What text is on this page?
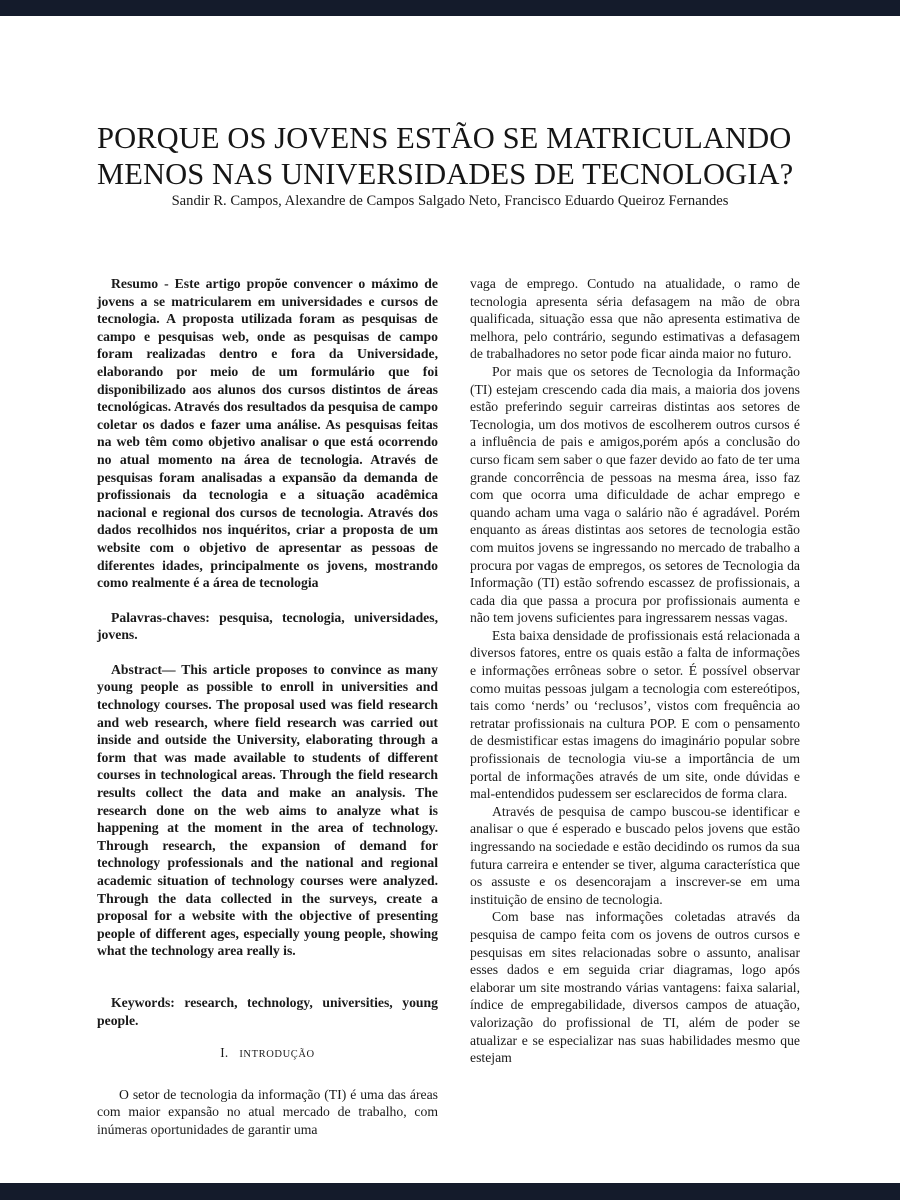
PORQUE OS JOVENS ESTÃO SE MATRICULANDO
MENOS NAS UNIVERSIDADES DE TECNOLOGIA?
Sandir R. Campos, Alexandre de Campos Salgado Neto, Francisco Eduardo Queiroz Fernandes

Resumo - Este artigo propõe convencer o máximo de jovens a se matricularem em universidades e cursos de tecnologia. A proposta utilizada foram as pesquisas de campo e pesquisas web, onde as pesquisas de campo foram realizadas dentro e fora da Universidade, elaborando por meio de um formulário que foi disponibilizado aos alunos dos cursos distintos de áreas tecnológicas. Através dos resultados da pesquisa de campo coletar os dados e fazer uma análise. As pesquisas feitas na web têm como objetivo analisar o que está ocorrendo no atual momento na área de tecnologia. Através de pesquisas foram analisadas a expansão da demanda de profissionais da tecnologia e a situação acadêmica nacional e regional dos cursos de tecnologia. Através dos dados recolhidos nos inquéritos, criar a proposta de um website com o objetivo de apresentar as pessoas de diferentes idades, principalmente os jovens, mostrando como realmente é a área de tecnologia

Palavras-chaves: pesquisa, tecnologia, universidades, jovens.

Abstract— This article proposes to convince as many young people as possible to enroll in universities and technology courses. The proposal used was field research and web research, where field research was carried out inside and outside the University, elaborating through a form that was made available to students of different courses in technological areas. Through the field research results collect the data and make an analysis. The research done on the web aims to analyze what is happening at the moment in the area of technology. Through research, the expansion of demand for technology professionals and the national and regional academic situation of technology courses were analyzed. Through the data collected in the surveys, create a proposal for a website with the objective of presenting people of different ages, especially young people, showing what the technology area really is.

Keywords: research, technology, universities, young people.

I. INTRODUÇÃO

O setor de tecnologia da informação (TI) é uma das áreas com maior expansão no atual mercado de trabalho, com inúmeras oportunidades de garantir uma

vaga de emprego. Contudo na atualidade, o ramo de tecnologia apresenta séria defasagem na mão de obra qualificada, situação essa que não apresenta estimativa de melhora, pelo contrário, segundo estimativas a defasagem de trabalhadores no setor pode ficar ainda maior no futuro.

Por mais que os setores de Tecnologia da Informação (TI) estejam crescendo cada dia mais, a maioria dos jovens estão preferindo seguir carreiras distintas aos setores de Tecnologia, um dos motivos de escolherem outros cursos é a influência de pais e amigos,porém após a conclusão do curso ficam sem saber o que fazer devido ao fato de ter uma grande concorrência de pessoas na mesma área, isso faz com que ocorra uma dificuldade de achar emprego e quando acham uma vaga o salário não é agradável. Porém enquanto as áreas distintas aos setores de tecnologia estão com muitos jovens se ingressando no mercado de trabalho a procura por vagas de empregos, os setores de Tecnologia da Informação (TI) estão sofrendo escassez de profissionais, a cada dia que passa a procura por profissionais aumenta e não tem jovens suficientes para ingressarem nessas vagas.

Esta baixa densidade de profissionais está relacionada a diversos fatores, entre os quais estão a falta de informações e informações errôneas sobre o setor. É possível observar como muitas pessoas julgam a tecnologia com estereótipos, tais como ‘nerds’ ou ‘reclusos’, vistos com frequência ao retratar profissionais na cultura POP. E com o pensamento de desmistificar estas imagens do imaginário popular sobre profissionais de tecnologia viu-se a importância de um portal de informações através de um site, onde dúvidas e mal-entendidos pudessem ser esclarecidos de forma clara.

Através de pesquisa de campo buscou-se identificar e analisar o que é esperado e buscado pelos jovens que estão ingressando na sociedade e estão decidindo os rumos da sua futura carreira e entender se tiver, alguma característica que os assuste e os desencorajam a inscrever-se em uma instituição de ensino de tecnologia.

Com base nas informações coletadas através da pesquisa de campo feita com os jovens de outros cursos e pesquisas em sites relacionadas sobre o assunto, analisar esses dados e em seguida criar diagramas, logo após elaborar um site mostrando várias vantagens: faixa salarial, índice de empregabilidade, diversos campos de atuação, valorização do profissional de TI, além de poder se atualizar e se especializar nas suas habilidades mesmo que estejam
